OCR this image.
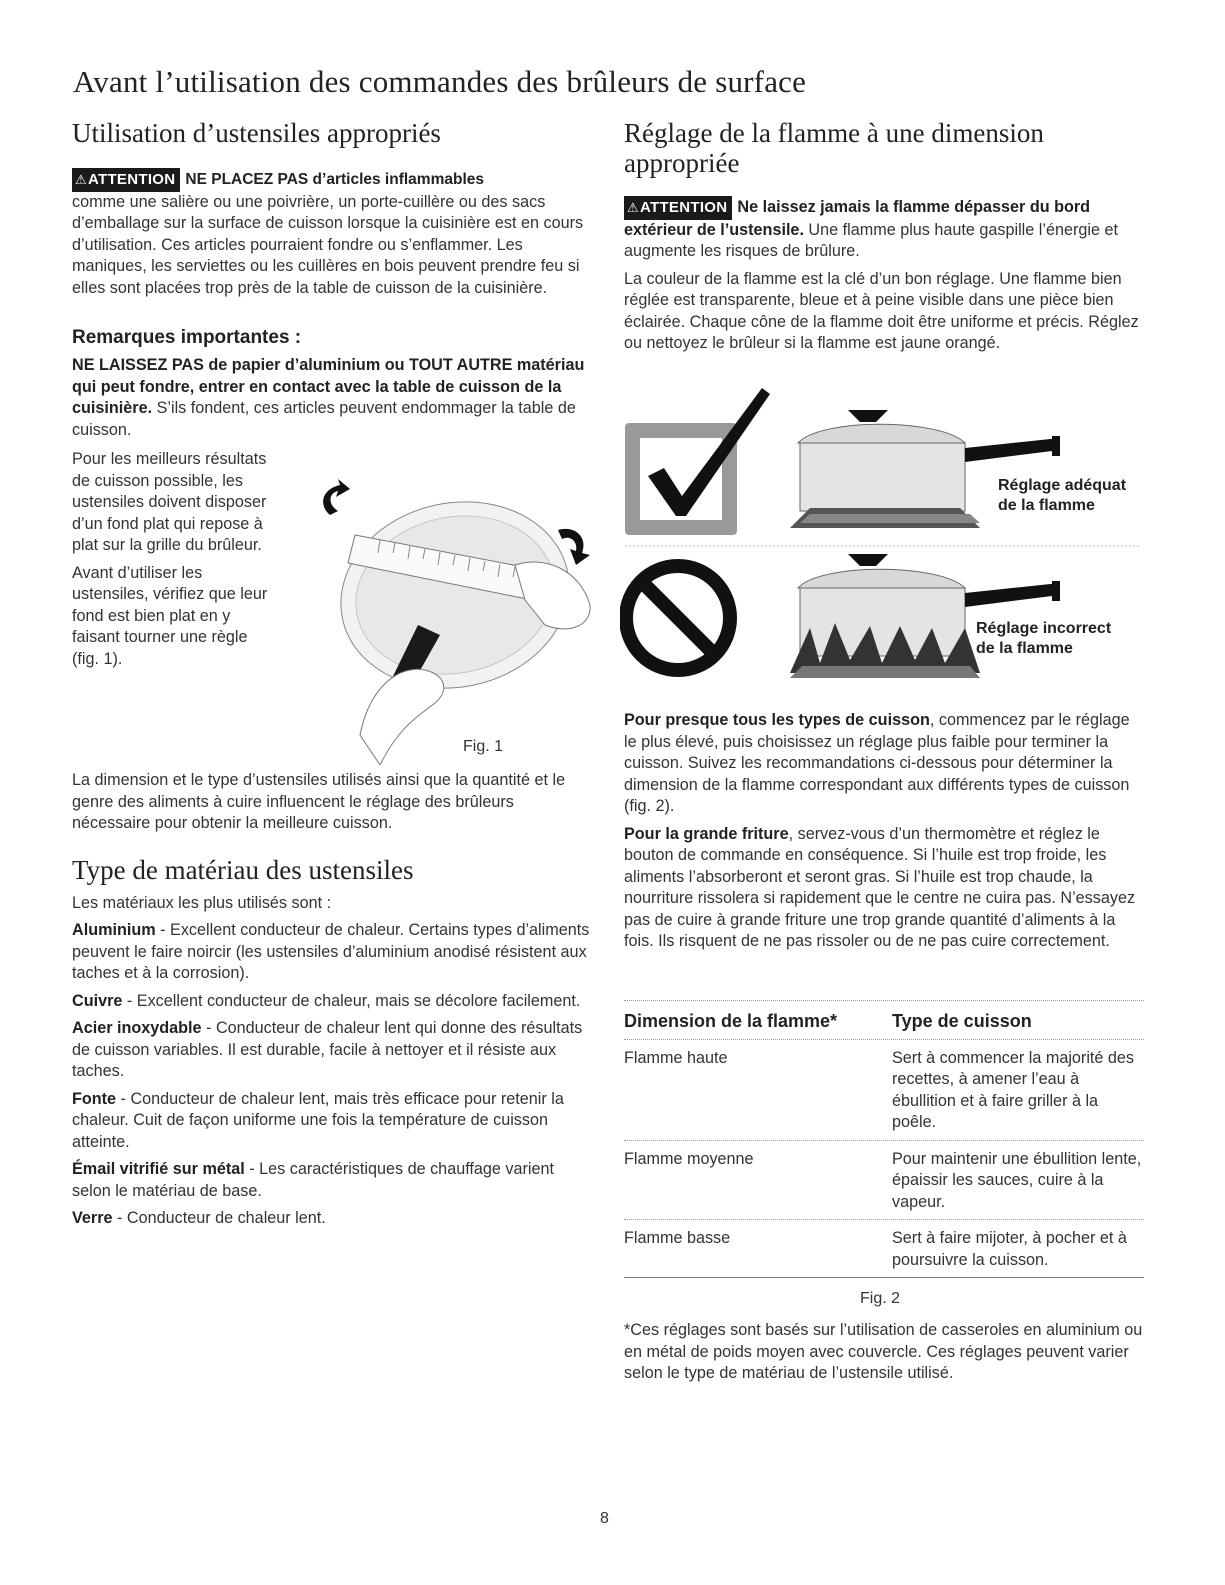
Avant l’utilisation des commandes des brûleurs de surface
Utilisation d’ustensiles appropriés

⚠ATTENTION NE PLACEZ PAS d’articles inflammables
comme une salière ou une poivrière, un porte-cuillère ou des sacs d’emballage sur la surface de cuisson lorsque la cuisinière est en cours d’utilisation. Ces articles pourraient fondre ou s’enflammer. Les maniques, les serviettes ou les cuillères en bois peuvent prendre feu si elles sont placées trop près de la table de cuisson de la cuisinière.

Remarques importantes :

NE LAISSEZ PAS de papier d’aluminium ou TOUT AUTRE matériau qui peut fondre, entrer en contact avec la table de cuisson de la cuisinière. S’ils fondent, ces articles peuvent endommager la table de cuisson.

Pour les meilleurs résultats de cuisson possible, les ustensiles doivent disposer d’un fond plat qui repose à plat sur la grille du brûleur.

Avant d’utiliser les ustensiles, vérifiez que leur fond est bien plat en y faisant tourner une règle (fig. 1).

Fig. 1

La dimension et le type d’ustensiles utilisés ainsi que la quantité et le genre des aliments à cuire influencent le réglage des brûleurs nécessaire pour obtenir la meilleure cuisson.

Type de matériau des ustensiles

Les matériaux les plus utilisés sont :

Aluminium - Excellent conducteur de chaleur. Certains types d’aliments peuvent le faire noircir (les ustensiles d’aluminium anodisé résistent aux taches et à la corrosion).

Cuivre - Excellent conducteur de chaleur, mais se décolore facilement.

Acier inoxydable - Conducteur de chaleur lent qui donne des résultats de cuisson variables. Il est durable, facile à nettoyer et il résiste aux taches.

Fonte - Conducteur de chaleur lent, mais très efficace pour retenir la chaleur. Cuit de façon uniforme une fois la température de cuisson atteinte.

Émail vitrifié sur métal - Les caractéristiques de chauffage varient selon le matériau de base.

Verre - Conducteur de chaleur lent.

Réglage de la flamme à une dimension appropriée

⚠ATTENTION Ne laissez jamais la flamme dépasser du bord extérieur de l’ustensile. Une flamme plus haute gaspille l’énergie et augmente les risques de brûlure.

La couleur de la flamme est la clé d’un bon réglage. Une flamme bien réglée est transparente, bleue et à peine visible dans une pièce bien éclairée. Chaque cône de la flamme doit être uniforme et précis. Réglez ou nettoyez le brûleur si la flamme est jaune orangé.

Réglage adéquat
de la flamme
Réglage incorrect
de la flamme

Pour presque tous les types de cuisson, commencez par le réglage le plus élevé, puis choisissez un réglage plus faible pour terminer la cuisson. Suivez les recommandations ci-dessous pour déterminer la dimension de la flamme correspondant aux différents types de cuisson (fig. 2).

Pour la grande friture, servez-vous d’un thermomètre et réglez le bouton de commande en conséquence. Si l’huile est trop froide, les aliments l’absorberont et seront gras. Si l’huile est trop chaude, la nourriture rissolera si rapidement que le centre ne cuira pas. N’essayez pas de cuire à grande friture une trop grande quantité d’aliments à la fois. Ils risquent de ne pas rissoler ou de ne pas cuire correctement.

Dimension de la flamme*	Type de cuisson
Flamme haute	Sert à commencer la majorité des recettes, à amener l’eau à ébullition et à faire griller à la poêle.
Flamme moyenne	Pour maintenir une ébullition lente, épaissir les sauces, cuire à la vapeur.
Flamme basse	Sert à faire mijoter, à pocher et à poursuivre la cuisson.
Fig. 2

*Ces réglages sont basés sur l’utilisation de casseroles en aluminium ou en métal de poids moyen avec couvercle. Ces réglages peuvent varier selon le type de matériau de l’ustensile utilisé.

8
